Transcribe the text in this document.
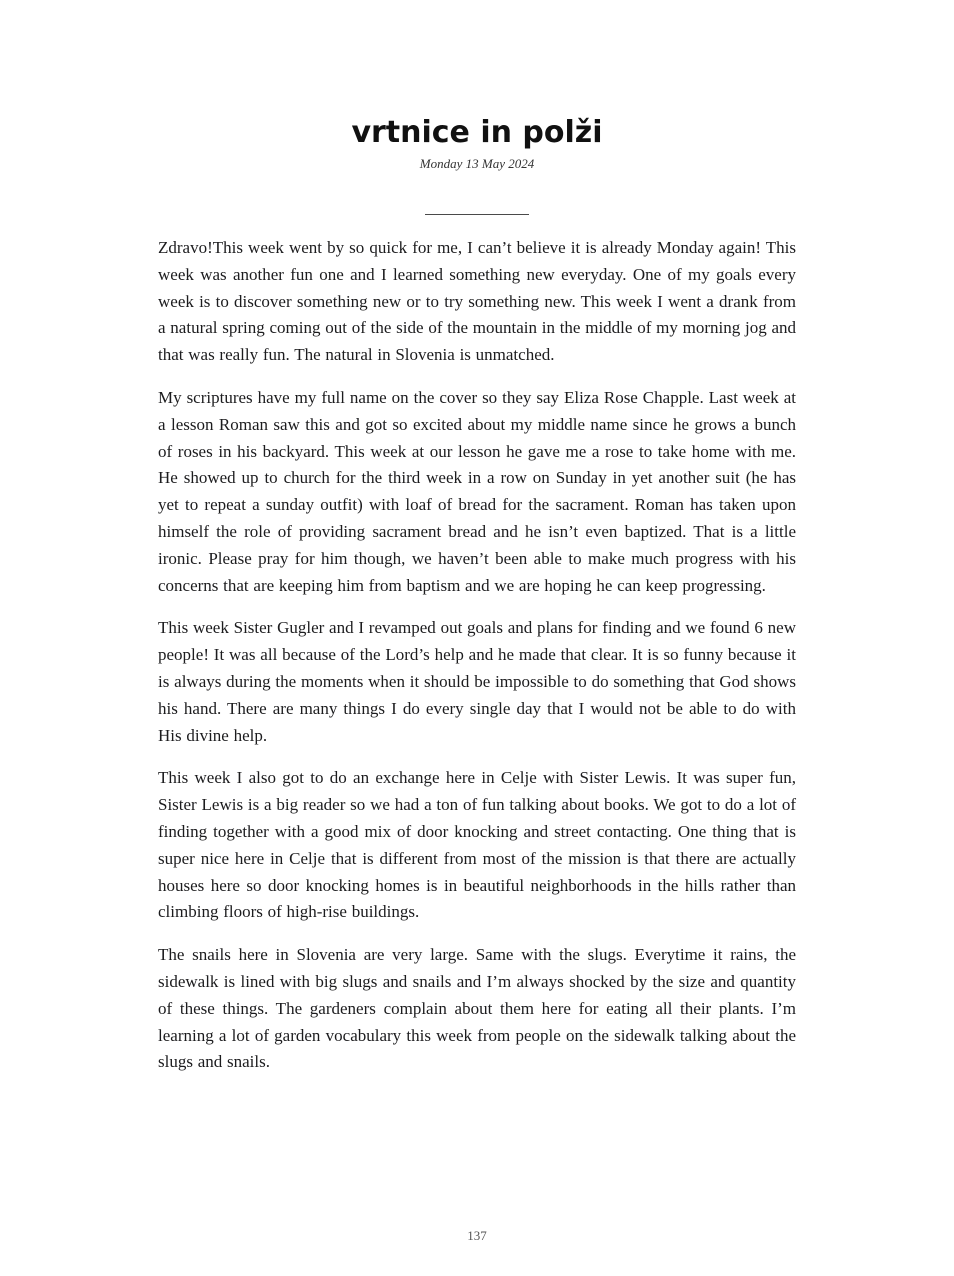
vrtnice in polži
Monday 13 May 2024

Zdravo!This week went by so quick for me, I can’t believe it is already Monday again! This week was another fun one and I learned something new everyday. One of my goals every week is to discover something new or to try something new. This week I went a drank from a natural spring coming out of the side of the mountain in the middle of my morning jog and that was really fun. The natural in Slovenia is unmatched.

My scriptures have my full name on the cover so they say Eliza Rose Chapple. Last week at a lesson Roman saw this and got so excited about my middle name since he grows a bunch of roses in his backyard. This week at our lesson he gave me a rose to take home with me. He showed up to church for the third week in a row on Sunday in yet another suit (he has yet to repeat a sunday outfit) with loaf of bread for the sacrament. Roman has taken upon himself the role of providing sacrament bread and he isn’t even baptized. That is a little ironic. Please pray for him though, we haven’t been able to make much progress with his concerns that are keeping him from baptism and we are hoping he can keep progressing.

This week Sister Gugler and I revamped out goals and plans for finding and we found 6 new people! It was all because of the Lord’s help and he made that clear. It is so funny because it is always during the moments when it should be impossible to do something that God shows his hand. There are many things I do every single day that I would not be able to do with His divine help.

This week I also got to do an exchange here in Celje with Sister Lewis. It was super fun, Sister Lewis is a big reader so we had a ton of fun talking about books. We got to do a lot of finding together with a good mix of door knocking and street contacting. One thing that is super nice here in Celje that is different from most of the mission is that there are actually houses here so door knocking homes is in beautiful neighborhoods in the hills rather than climbing floors of high-rise buildings.

The snails here in Slovenia are very large. Same with the slugs. Everytime it rains, the sidewalk is lined with big slugs and snails and I’m always shocked by the size and quantity of these things. The gardeners complain about them here for eating all their plants. I’m learning a lot of garden vocabulary this week from people on the sidewalk talking about the slugs and snails.

137
